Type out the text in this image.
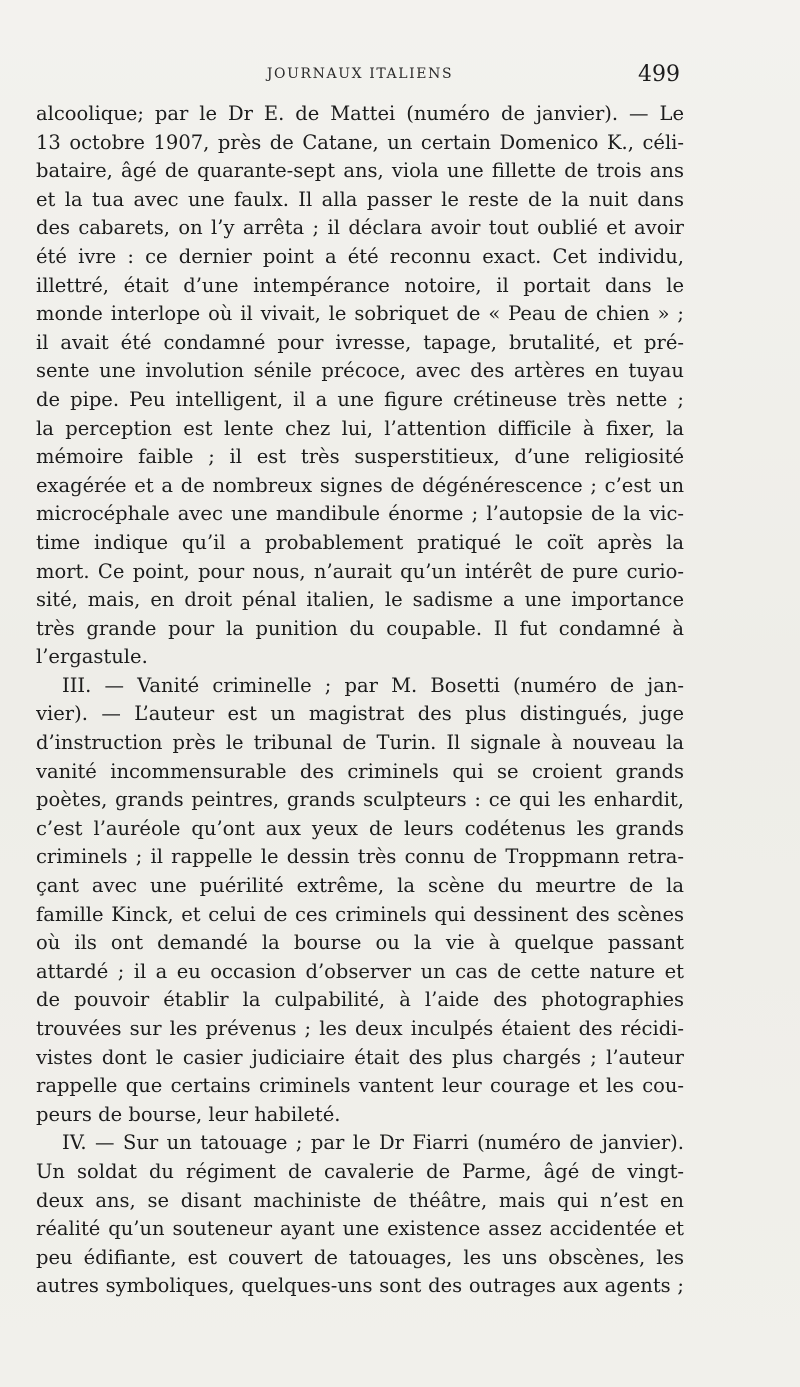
JOURNAUX ITALIENS	499
alcoolique; par le Dr E. de Mattei (numéro de janvier). — Le
13 octobre 1907, près de Catane, un certain Domenico K., céli-
bataire, âgé de quarante-sept ans, viola une fillette de trois ans
et la tua avec une faulx. Il alla passer le reste de la nuit dans
des cabarets, on l’y arrêta ; il déclara avoir tout oublié et avoir
été ivre : ce dernier point a été reconnu exact. Cet individu,
illettré, était d’une intempérance notoire, il portait dans le
monde interlope où il vivait, le sobriquet de « Peau de chien » ;
il avait été condamné pour ivresse, tapage, brutalité, et pré-
sente une involution sénile précoce, avec des artères en tuyau
de pipe. Peu intelligent, il a une figure crétineuse très nette ;
la perception est lente chez lui, l’attention difficile à fixer, la
mémoire faible ; il est très susperstitieux, d’une religiosité
exagérée et a de nombreux signes de dégénérescence ; c’est un
microcéphale avec une mandibule énorme ; l’autopsie de la vic-
time indique qu’il a probablement pratiqué le coït après la
mort. Ce point, pour nous, n’aurait qu’un intérêt de pure curio-
sité, mais, en droit pénal italien, le sadisme a une importance
très grande pour la punition du coupable. Il fut condamné à
l’ergastule.
III. — Vanité criminelle ; par M. Bosetti (numéro de jan-
vier). — L’auteur est un magistrat des plus distingués, juge
d’instruction près le tribunal de Turin. Il signale à nouveau la
vanité incommensurable des criminels qui se croient grands
poètes, grands peintres, grands sculpteurs : ce qui les enhardit,
c’est l’auréole qu’ont aux yeux de leurs codétenus les grands
criminels ; il rappelle le dessin très connu de Troppmann retra-
çant avec une puérilité extrême, la scène du meurtre de la
famille Kinck, et celui de ces criminels qui dessinent des scènes
où ils ont demandé la bourse ou la vie à quelque passant
attardé ; il a eu occasion d’observer un cas de cette nature et
de pouvoir établir la culpabilité, à l’aide des photographies
trouvées sur les prévenus ; les deux inculpés étaient des récidi-
vistes dont le casier judiciaire était des plus chargés ; l’auteur
rappelle que certains criminels vantent leur courage et les cou-
peurs de bourse, leur habileté.
IV. — Sur un tatouage ; par le Dr Fiarri (numéro de janvier).
Un soldat du régiment de cavalerie de Parme, âgé de vingt-
deux ans, se disant machiniste de théâtre, mais qui n’est en
réalité qu’un souteneur ayant une existence assez accidentée et
peu édifiante, est couvert de tatouages, les uns obscènes, les
autres symboliques, quelques-uns sont des outrages aux agents ;
